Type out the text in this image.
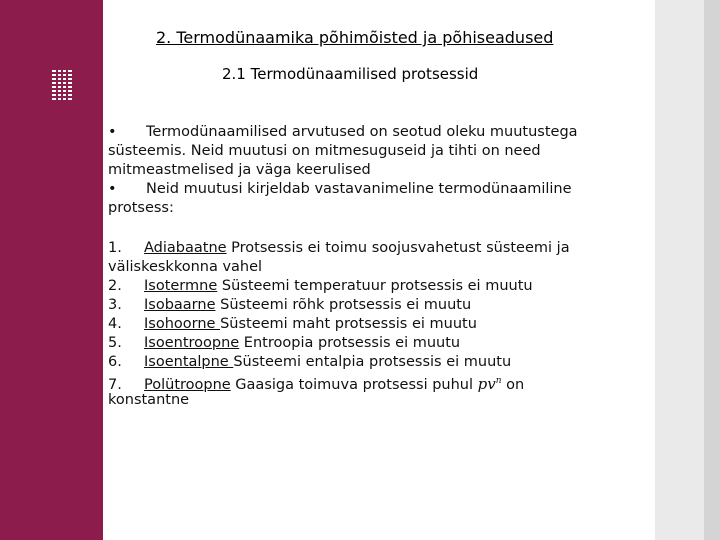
2. Termodünaamika põhimõisted ja põhiseadused
2.1 Termodünaamilised protsessid
• Termodünaamilised arvutused on seotud oleku muutustega
süsteemis. Neid muutusi on mitmesuguseid ja tihti on need
mitmeastmelised ja väga keerulised
• Neid muutusi kirjeldab vastavanimeline termodünaamiline
protsess:
1. Adiabaatne Protsessis ei toimu soojusvahetust süsteemi ja
väliskeskkonna vahel
2. Isotermne Süsteemi temperatuur protsessis ei muutu
3. Isobaarne Süsteemi rõhk protsessis ei muutu
4. Isohoorne Süsteemi maht protsessis ei muutu
5. Isoentroopne Entroopia protsessis ei muutu
6. Isoentalpne Süsteemi entalpia protsessis ei muutu
7. Polütroopne Gaasiga toimuva protsessi puhul $pv^n$ on
konstantne
